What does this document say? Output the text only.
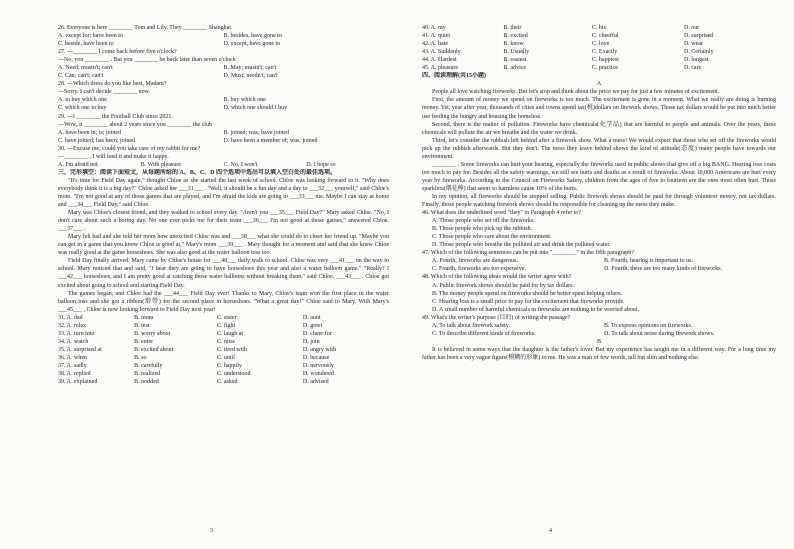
26. Everyone is here ________ Tom and Lily. They ________ Shanghai.
A. except for; have been to	B. besides, have gone to
C. beside, have been to	D. except, have gone to
27. —________ I come back before five o'clock?
—No, you ________ . But you ________ be back later than seven o'clock
A. Need; mustn't; can't	B. May; mustn't; can't
C. Can; can't; can't	D. Must; needn't; can't
28. —Which dress do you like best, Madam?
—Sorry. I can't decide ________ now.
A. to buy which one	B. buy which one
C. which one to buy	D. which one should I buy
29. —I ________ the Football Club since 2021.
—Wow, it ________ about 2 years since you ________ the club
A. have been in; is; joined	B. joined; was; have joined
C. have joined; has been; joined	D. have been a member of; was; joined
30. —Excuse me, could you take care of my rabbit for me?
—________ , I will feed it and make it happy.
A. I'm afraid not	B. With pleasure	C. No, I won't	D. I hope so
三、完形填空：阅读下面短文，从每题所给的 A、B、C、D 四个选项中选出可以填入空白处的最佳选项。

"It's time for Field Day again," thought Chloe as she started the last week of school. Chloe was looking forward to it. "Why does everybody think it is a big day?" Chloe asked her ___31___ . "Well, it should be a fun day and a day to ___32___ yourself," said Chloe's mom. "I'm not good at any of those games that are played, and I'm afraid the kids are going to ___33___ me. Maybe I can stay at home and ___34___ Field Day," said Chloe.

Mary was Chloe's closest friend, and they walked to school every day. "Aren't you ___35___ Field Day?" Mary asked Chloe. "No, I don't care about such a boring day. No one ever picks me for their team ___36___ I'm not good at those games," answered Chloe. ___37___ .

Mary felt bad and she told her mom how unexcited Chloe was and ___38___ what she could do to cheer her friend up. "Maybe you can get in a game that you know Chloe is good at," Mary's mom ___39___ . Mary thought for a moment and said that she knew Chloe was really good at the game horseshoes. She was also good at the water balloon toss too.

Field Day finally arrived. Mary came by Chloe's house for ___40___ daily walk to school. Chloe was very ___41___ on the way to school. Mary noticed that and said, "I hear they are going to have horseshoes this year and also a water balloon game." "Really? I ___42___ horseshoes, and I am pretty good at catching those water balloons without breaking them." said Chloe. ___43___ . Chloe got excited about going to school and starting Field Day.

The games began, and Chloe had the ___44___ Field Day ever! Thanks to Mary, Chloe's team won the first place in the water balloon toss and she got a ribbon(缎带) for the second place in horseshoes. "What a great day!" Chloe said to Mary. With Mary's ___45___ , Chloe is now looking forward to Field Day next year!

31. A. dad	B. mom	C. sister	D. aunt
32. A. relax	B. test	C. fight	D. greet
33. A. turn into	B. worry about	C. laugh at	D. cheer for
34. A. watch	B. enter	C. miss	D. join
35. A. surprised at	B. excited about	C. tired with	D. angry with
36. A. when	B. so	C. until	D. because
37. A. sadly	B. carefully	C. happily	D. nervously
38. A. replied	B. realized	C. understood	D. wondered
39. A. explained	B. nodded	C. asked	D. advised
3
40. A. my	B. their	C. his	D. our
41. A. quiet	B. excited	C. cheerful	D. surprised
42. A. hate	B. know	C. love	D. wear
43. A. Suddenly	B. Usually	C. Exactly	D. Certainly
44. A. Hardest	B. easiest	C. happiest	D. longest
45. A. pleasure	B. advice	C. practice	D. care
四、阅读理解(共15小题)
A

People all love watching fireworks. But let's stop and think about the price we pay for just a few minutes of excitement.

First, the amount of money we spend on fireworks is too much. The excitement is gone in a moment. What we really are doing is burning money. Yet, year after year, thousands of cities and towns spend tax(税)dollars on firework shows. Those tax dollars would be put into much better use feeding the hungry and housing the homeless.

Second, there is the matter of pollution. Fireworks have chemicals(化学品) that are harmful to people and animals. Over the years, these chemicals will pollute the air we breathe and the water we drink.

Third, let's consider the rubbish left behind after a firework show. What a mess! We would expect that those who set off the fireworks would pick up the rubbish afterwards. But they don't. The mess they leave behind shows the kind of attitude(态度) many people have towards our environment.

________ . Some fireworks can hurt your hearing, especially the fireworks used in public shows that give off a big BANG. Hearing loss costs too much to pay for. Besides all the safety warnings, we still see hurts and deaths as a result of fireworks. About 10,000 Americans are hurt every year by fireworks. According to the Council on Fireworks Safety, children from the ages of five to fourteen are the ones most often hurt. Those sparklers(烟花棒) that seem so harmless cause 10% of the hurts.

In my opinion, all fireworks should be stopped selling. Public firework shows should be paid for through volunteer money, not tax dollars. Finally, those people watching firework shows should be responsible for cleaning up the mess they make.

46. What does the underlined word "they" in Paragraph 4 refer to?
A. Those people who set off the fireworks.
B. Those people who pick up the rubbish.
C. Those people who care about the environment.
D. Those people who breathe the polluted air and drink the polluted water.
47. Which of the following sentences can be put into "________" in the fifth paragraph?
A. Fourth, fireworks are dangerous.	B. Fourth, hearing is important to us.
C. Fourth, fireworks are too expensive.	D. Fourth, there are too many kinds of fireworks.
48. Which of the following ideas would the writer agree with?
A. Public firework shows should be paid for by tax dollars.
B. The money people spend on fireworks should be better spent helping others.
C. Hearing loss is a small price to pay for the excitement that fireworks provide.
D. A small number of harmful chemicals in fireworks are nothing to be worried about.
49. What's the writer's purpose (目的) of writing the passage?
A. To talk about firework safety.	B. To express opinions on fireworks.
C. To describe different kinds of fireworks.	D. To talk about noise during firework shows.
B

It is believed in some ways that the daughter is the father's lover. But my experience has taught me in a different way. For a long time my father has been a very vague figure(模糊的形象) to me. He was a man of few words, tall but slim and nothing else.

4
